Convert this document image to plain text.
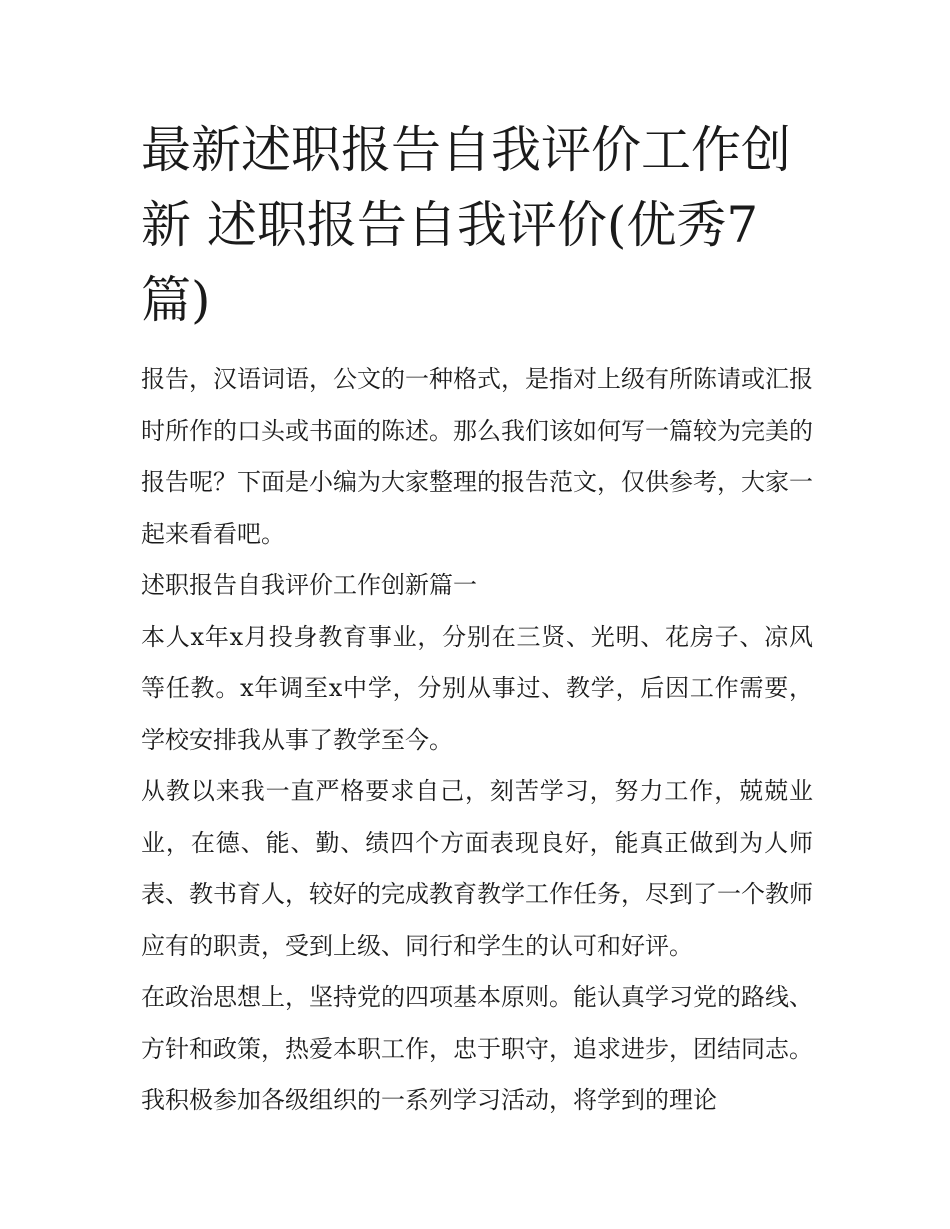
最新述职报告自我评价工作创新 述职报告自我评价(优秀7篇)

报告，汉语词语，公文的一种格式，是指对上级有所陈请或汇报时所作的口头或书面的陈述。那么我们该如何写一篇较为完美的报告呢？下面是小编为大家整理的报告范文，仅供参考，大家一起来看看吧。

述职报告自我评价工作创新篇一

本人x年x月投身教育事业，分别在三贤、光明、花房子、凉风等任教。x年调至x中学，分别从事过、教学，后因工作需要，学校安排我从事了教学至今。

从教以来我一直严格要求自己，刻苦学习，努力工作，兢兢业业，在德、能、勤、绩四个方面表现良好，能真正做到为人师表、教书育人，较好的完成教育教学工作任务，尽到了一个教师应有的职责，受到上级、同行和学生的认可和好评。

在政治思想上，坚持党的四项基本原则。能认真学习党的路线、方针和政策，热爱本职工作，忠于职守，追求进步，团结同志。我积极参加各级组织的一系列学习活动，将学到的理论
